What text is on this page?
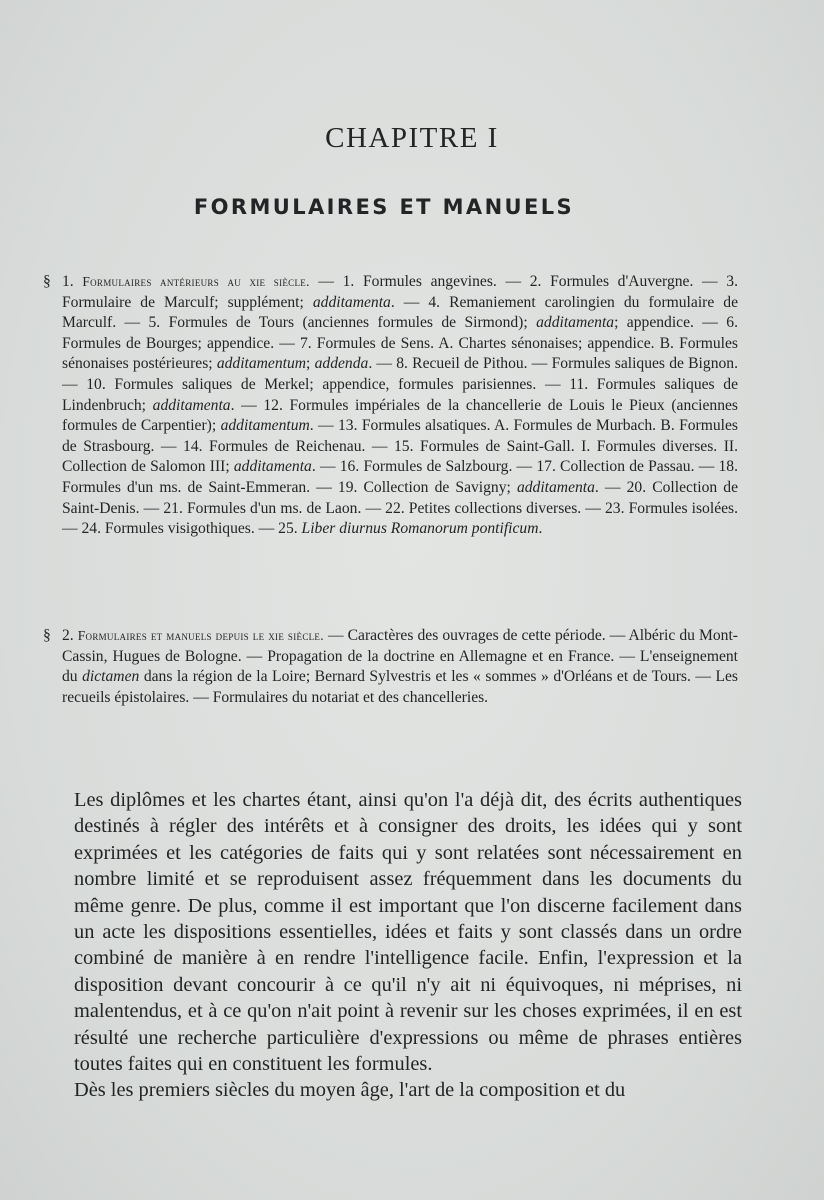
CHAPITRE I
FORMULAIRES ET MANUELS
§ 1. Formulaires antérieurs au xie siècle. — 1. Formules angevines. — 2. Formules d'Auvergne. — 3. Formulaire de Marculf; supplément; additamenta. — 4. Remaniement carolingien du formulaire de Marculf. — 5. Formules de Tours (anciennes formules de Sirmond); additamenta; appendice. — 6. Formules de Bourges; appendice. — 7. Formules de Sens. A. Chartes sénonaises; appendice. B. Formules sénonaises postérieures; additamentum; addenda. — 8. Recueil de Pithou. — Formules saliques de Bignon. — 10. Formules saliques de Merkel; appendice, formules parisiennes. — 11. Formules saliques de Lindenbruch; additamenta. — 12. Formules impériales de la chancellerie de Louis le Pieux (anciennes formules de Carpentier); additamentum. — 13. Formules alsatiques. A. Formules de Murbach. B. Formules de Strasbourg. — 14. Formules de Reichenau. — 15. Formules de Saint-Gall. I. Formules diverses. II. Collection de Salomon III; additamenta. — 16. Formules de Salzbourg. — 17. Collection de Passau. — 18. Formules d'un ms. de Saint-Emmeran. — 19. Collection de Savigny; additamenta. — 20. Collection de Saint-Denis. — 21. Formules d'un ms. de Laon. — 22. Petites collections diverses. — 23. Formules isolées. — 24. Formules visigothiques. — 25. Liber diurnus Romanorum pontificum.
§ 2. Formulaires et manuels depuis le xie siècle. — Caractères des ouvrages de cette période. — Albéric du Mont-Cassin, Hugues de Bologne. — Propagation de la doctrine en Allemagne et en France. — L'enseignement du dictamen dans la région de la Loire; Bernard Sylvestris et les « sommes » d'Orléans et de Tours. — Les recueils épistolaires. — Formulaires du notariat et des chancelleries.

Les diplômes et les chartes étant, ainsi qu'on l'a déjà dit, des écrits authentiques destinés à régler des intérêts et à consigner des droits, les idées qui y sont exprimées et les catégories de faits qui y sont relatées sont nécessairement en nombre limité et se reproduisent assez fréquemment dans les documents du même genre. De plus, comme il est important que l'on discerne facilement dans un acte les dispositions essentielles, idées et faits y sont classés dans un ordre combiné de manière à en rendre l'intelligence facile. Enfin, l'expression et la disposition devant concourir à ce qu'il n'y ait ni équivoques, ni méprises, ni malentendus, et à ce qu'on n'ait point à revenir sur les choses exprimées, il en est résulté une recherche particulière d'expressions ou même de phrases entières toutes faites qui en constituent les formules.

Dès les premiers siècles du moyen âge, l'art de la composition et du
